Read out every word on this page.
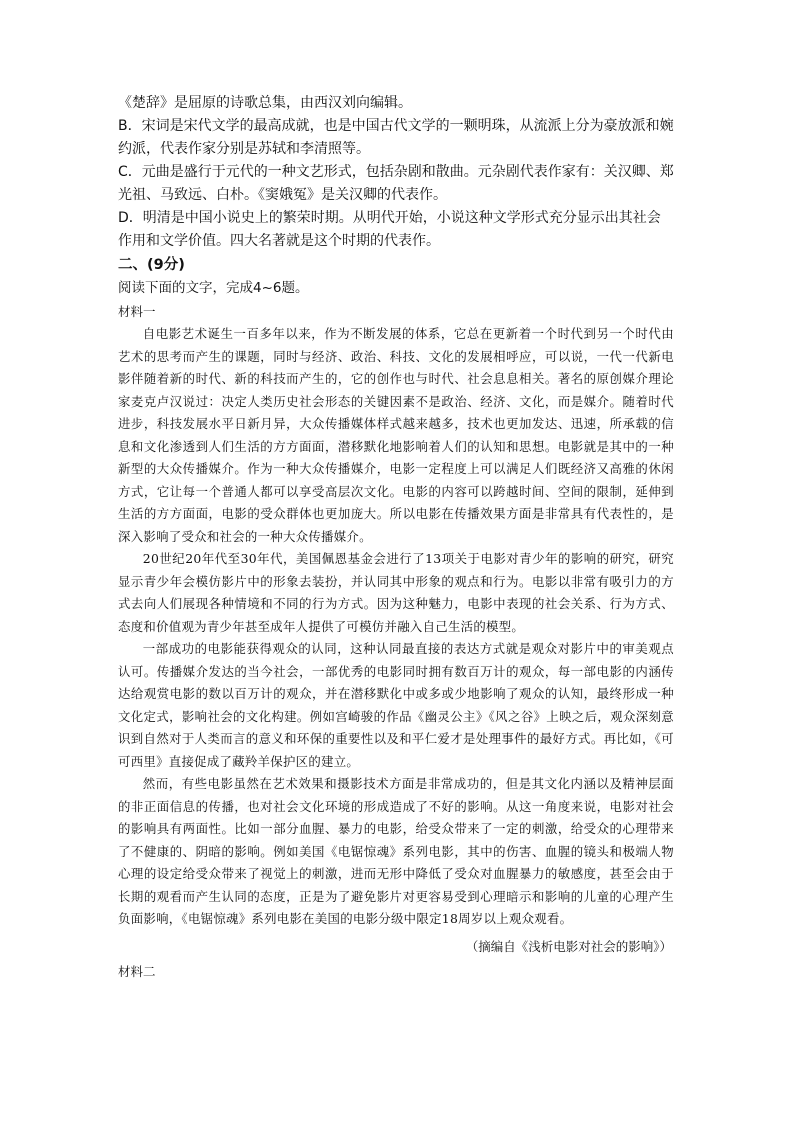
《楚辞》是屈原的诗歌总集，由西汉刘向编辑。

B．宋词是宋代文学的最高成就，也是中国古代文学的一颗明珠，从流派上分为豪放派和婉约派，代表作家分别是苏轼和李清照等。

C．元曲是盛行于元代的一种文艺形式，包括杂剧和散曲。元杂剧代表作家有：关汉卿、郑光祖、马致远、白朴。《窦娥冤》是关汉卿的代表作。

D．明清是中国小说史上的繁荣时期。从明代开始，小说这种文学形式充分显示出其社会作用和文学价值。四大名著就是这个时期的代表作。

二、(9分)

阅读下面的文字，完成4~6题。

材料一

自电影艺术诞生一百多年以来，作为不断发展的体系，它总在更新着一个时代到另一个时代由艺术的思考而产生的课题，同时与经济、政治、科技、文化的发展相呼应，可以说，一代一代新电影伴随着新的时代、新的科技而产生的，它的创作也与时代、社会息息相关。著名的原创媒介理论家麦克卢汉说过：决定人类历史社会形态的关键因素不是政治、经济、文化，而是媒介。随着时代进步，科技发展水平日新月异，大众传播媒体样式越来越多，技术也更加发达、迅速，所承载的信息和文化渗透到人们生活的方方面面，潜移默化地影响着人们的认知和思想。电影就是其中的一种新型的大众传播媒介。作为一种大众传播媒介，电影一定程度上可以满足人们既经济又高雅的休闲方式，它让每一个普通人都可以享受高层次文化。电影的内容可以跨越时间、空间的限制，延伸到生活的方方面面，电影的受众群体也更加庞大。所以电影在传播效果方面是非常具有代表性的，是深入影响了受众和社会的一种大众传播媒介。

20世纪20年代至30年代，美国佩恩基金会进行了13项关于电影对青少年的影响的研究，研究显示青少年会模仿影片中的形象去装扮，并认同其中形象的观点和行为。电影以非常有吸引力的方式去向人们展现各种情境和不同的行为方式。因为这种魅力，电影中表现的社会关系、行为方式、态度和价值观为青少年甚至成年人提供了可模仿并融入自己生活的模型。

一部成功的电影能获得观众的认同，这种认同最直接的表达方式就是观众对影片中的审美观点认可。传播媒介发达的当今社会，一部优秀的电影同时拥有数百万计的观众，每一部电影的内涵传达给观赏电影的数以百万计的观众，并在潜移默化中或多或少地影响了观众的认知，最终形成一种文化定式，影响社会的文化构建。例如宫崎骏的作品《幽灵公主》《风之谷》上映之后，观众深刻意识到自然对于人类而言的意义和环保的重要性以及和平仁爱才是处理事件的最好方式。再比如，《可可西里》直接促成了藏羚羊保护区的建立。

然而，有些电影虽然在艺术效果和摄影技术方面是非常成功的，但是其文化内涵以及精神层面的非正面信息的传播，也对社会文化环境的形成造成了不好的影响。从这一角度来说，电影对社会的影响具有两面性。比如一部分血腥、暴力的电影，给受众带来了一定的刺激，给受众的心理带来了不健康的、阴暗的影响。例如美国《电锯惊魂》系列电影，其中的伤害、血腥的镜头和极端人物心理的设定给受众带来了视觉上的刺激，进而无形中降低了受众对血腥暴力的敏感度，甚至会由于长期的观看而产生认同的态度，正是为了避免影片对更容易受到心理暗示和影响的儿童的心理产生负面影响，《电锯惊魂》系列电影在美国的电影分级中限定18周岁以上观众观看。

（摘编自《浅析电影对社会的影响》）

材料二
